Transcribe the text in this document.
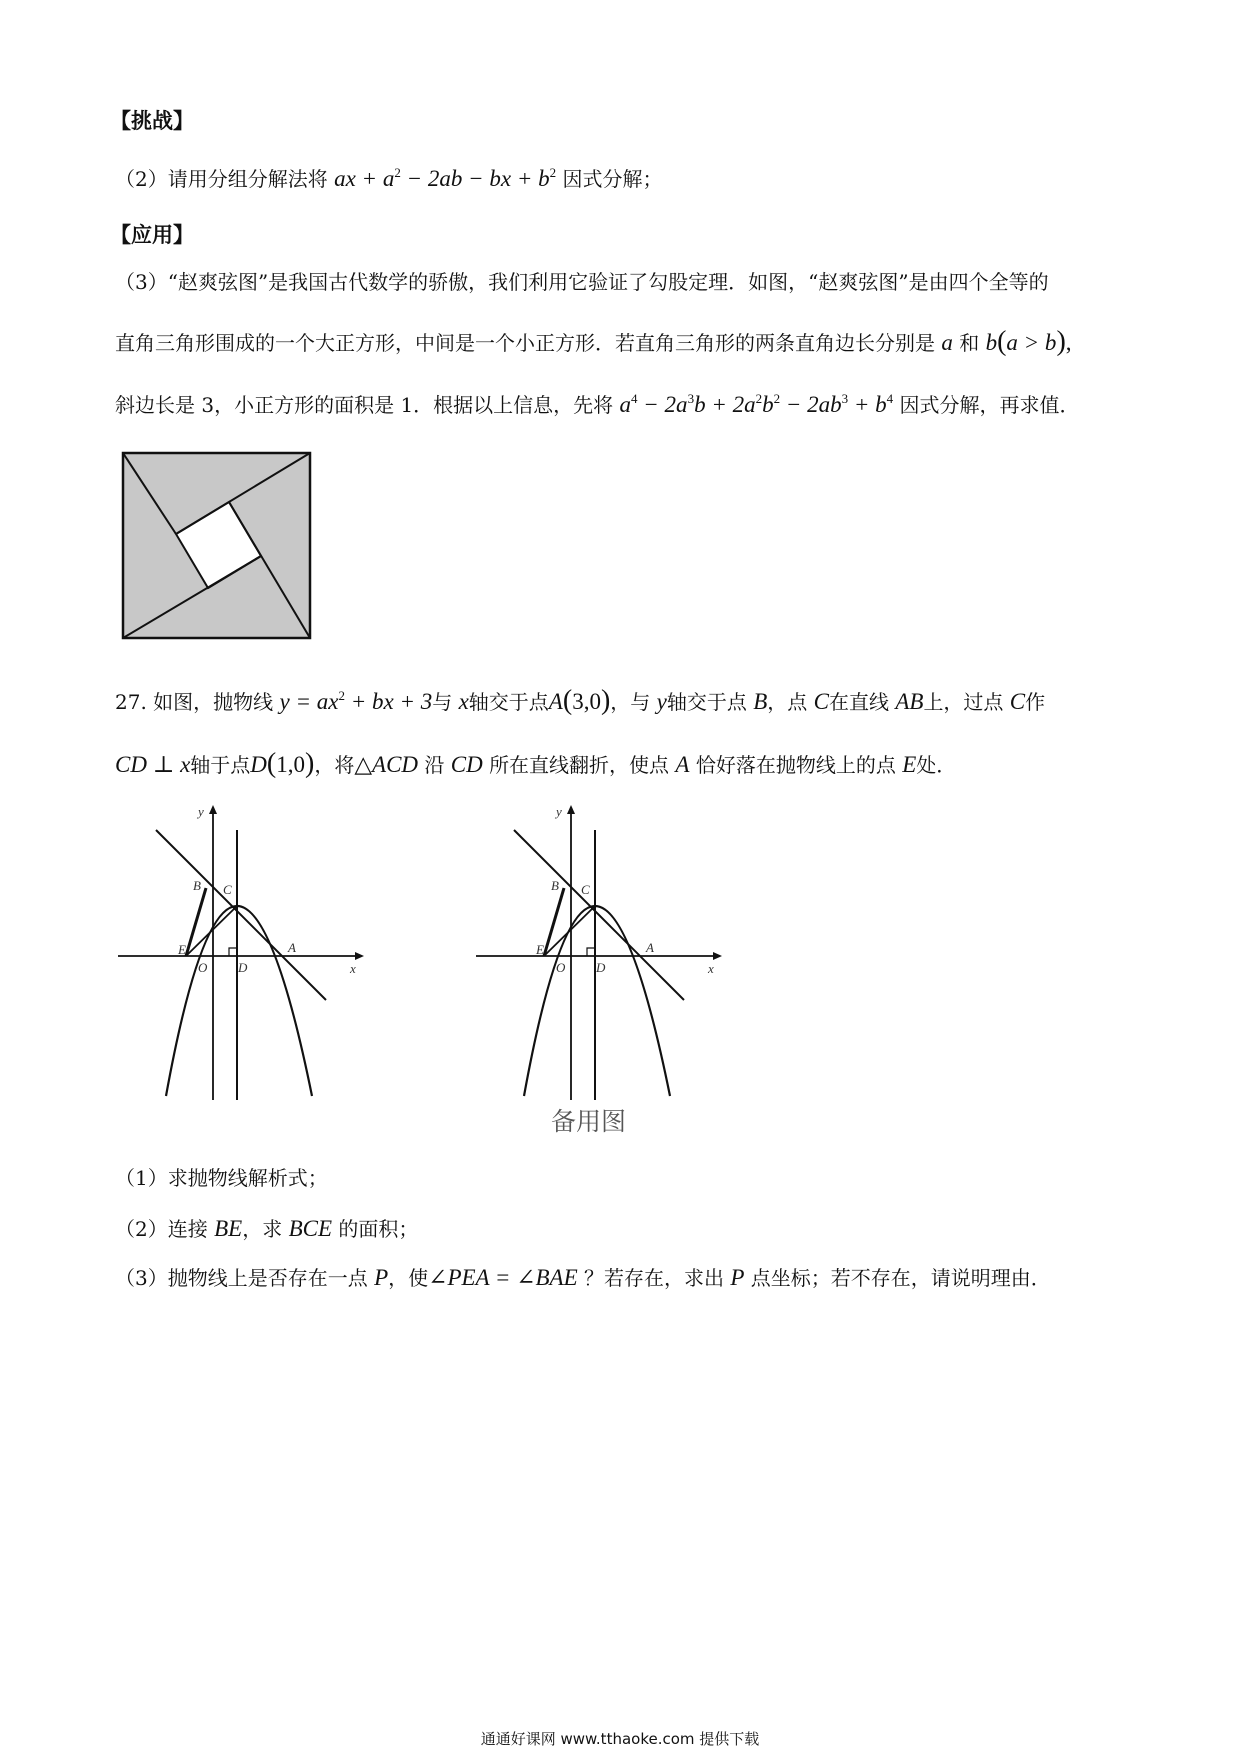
【挑战】
（2）请用分组分解法将 ax + $a^2 - 2ab$ − bx + $b^2$ 因式分解；
【应用】
（3）“赵爽弦图”是我国古代数学的骄傲，我们利用它验证了勾股定理．如图，“赵爽弦图”是由四个全等的
直角三角形围成的一个大正方形，中间是一个小正方形．若直角三角形的两条直角边长分别是 a 和 b(a > b),
斜边长是 3，小正方形的面积是 1．根据以上信息，先将 $a^4 - 2a^3b + 2a^2b^2 - 2ab^3 + b^4$ 因式分解，再求值．
27. 如图，抛物线 $y = ax^2$ + bx + 3与 x轴交于点A(3,0)，与 y轴交于点 B，点 C在直线 AB上，过点 C作
CD ⊥ x轴于点D(1,0)，将△ACD 沿 CD 所在直线翻折，使点 A 恰好落在抛物线上的点 E处．
y
x
B C
E
O D
A
y
x
B C
E
O D
A
备用图
（1）求抛物线解析式；
（2）连接 BE，求 BCE 的面积；
（3）抛物线上是否存在一点 P，使∠PEA = ∠BAE ？若存在，求出 P 点坐标；若不存在，请说明理由．
通通好课网 www.tthaoke.com 提供下载
